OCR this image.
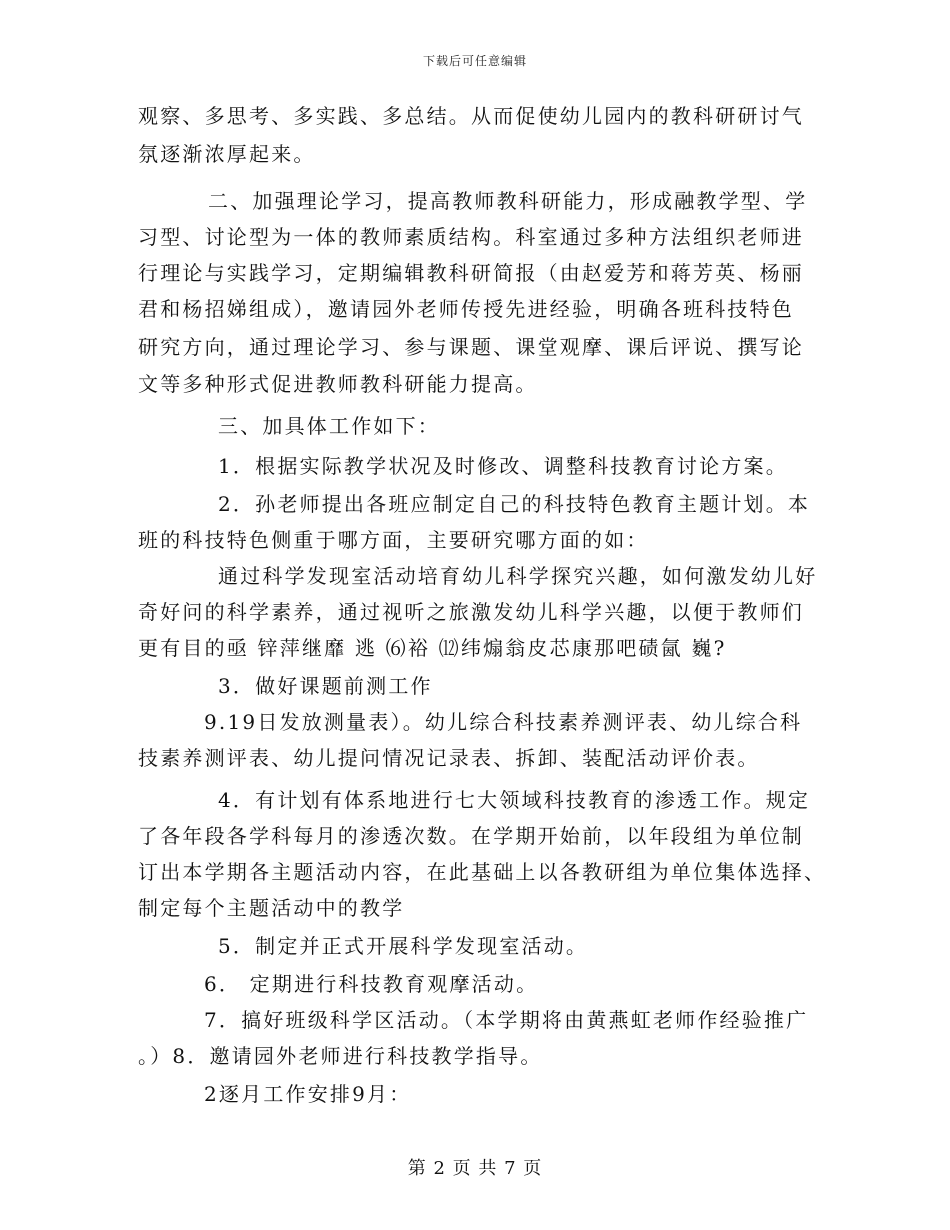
下载后可任意编辑
观察、多思考、多实践、多总结。从而促使幼儿园内的教科研研讨气
氛逐渐浓厚起来。
二、加强理论学习，提高教师教科研能力，形成融教学型、学
习型、讨论型为一体的教师素质结构。科室通过多种方法组织老师进
行理论与实践学习，定期编辑教科研简报（由赵爱芳和蒋芳英、杨丽
君和杨招娣组成），邀请园外老师传授先进经验，明确各班科技特色
研究方向，通过理论学习、参与课题、课堂观摩、课后评说、撰写论
文等多种形式促进教师教科研能力提高。
三、加具体工作如下：
1．根据实际教学状况及时修改、调整科技教育讨论方案。
2．孙老师提出各班应制定自己的科技特色教育主题计划。本
班的科技特色侧重于哪方面，主要研究哪方面的如：
通过科学发现室活动培育幼儿科学探究兴趣，如何激发幼儿好
奇好问的科学素养，通过视听之旅激发幼儿科学兴趣，以便于教师们
更有目的亟 锌萍继靡 逃 ⑹裕 ⑿纬煽翁皮芯康那吧碛氤 巍?
3．做好课题前测工作
9.19日发放测量表）。幼儿综合科技素养测评表、幼儿综合科
技素养测评表、幼儿提问情况记录表、拆卸、装配活动评价表。
4．有计划有体系地进行七大领域科技教育的渗透工作。规定
了各年段各学科每月的渗透次数。在学期开始前，以年段组为单位制
订出本学期各主题活动内容，在此基础上以各教研组为单位集体选择、
制定每个主题活动中的教学
5．制定并正式开展科学发现室活动。
6． 定期进行科技教育观摩活动。
7．搞好班级科学区活动。（本学期将由黄燕虹老师作经验推广
。）8．邀请园外老师进行科技教学指导。
2逐月工作安排9月：
第 2 页 共 7 页
